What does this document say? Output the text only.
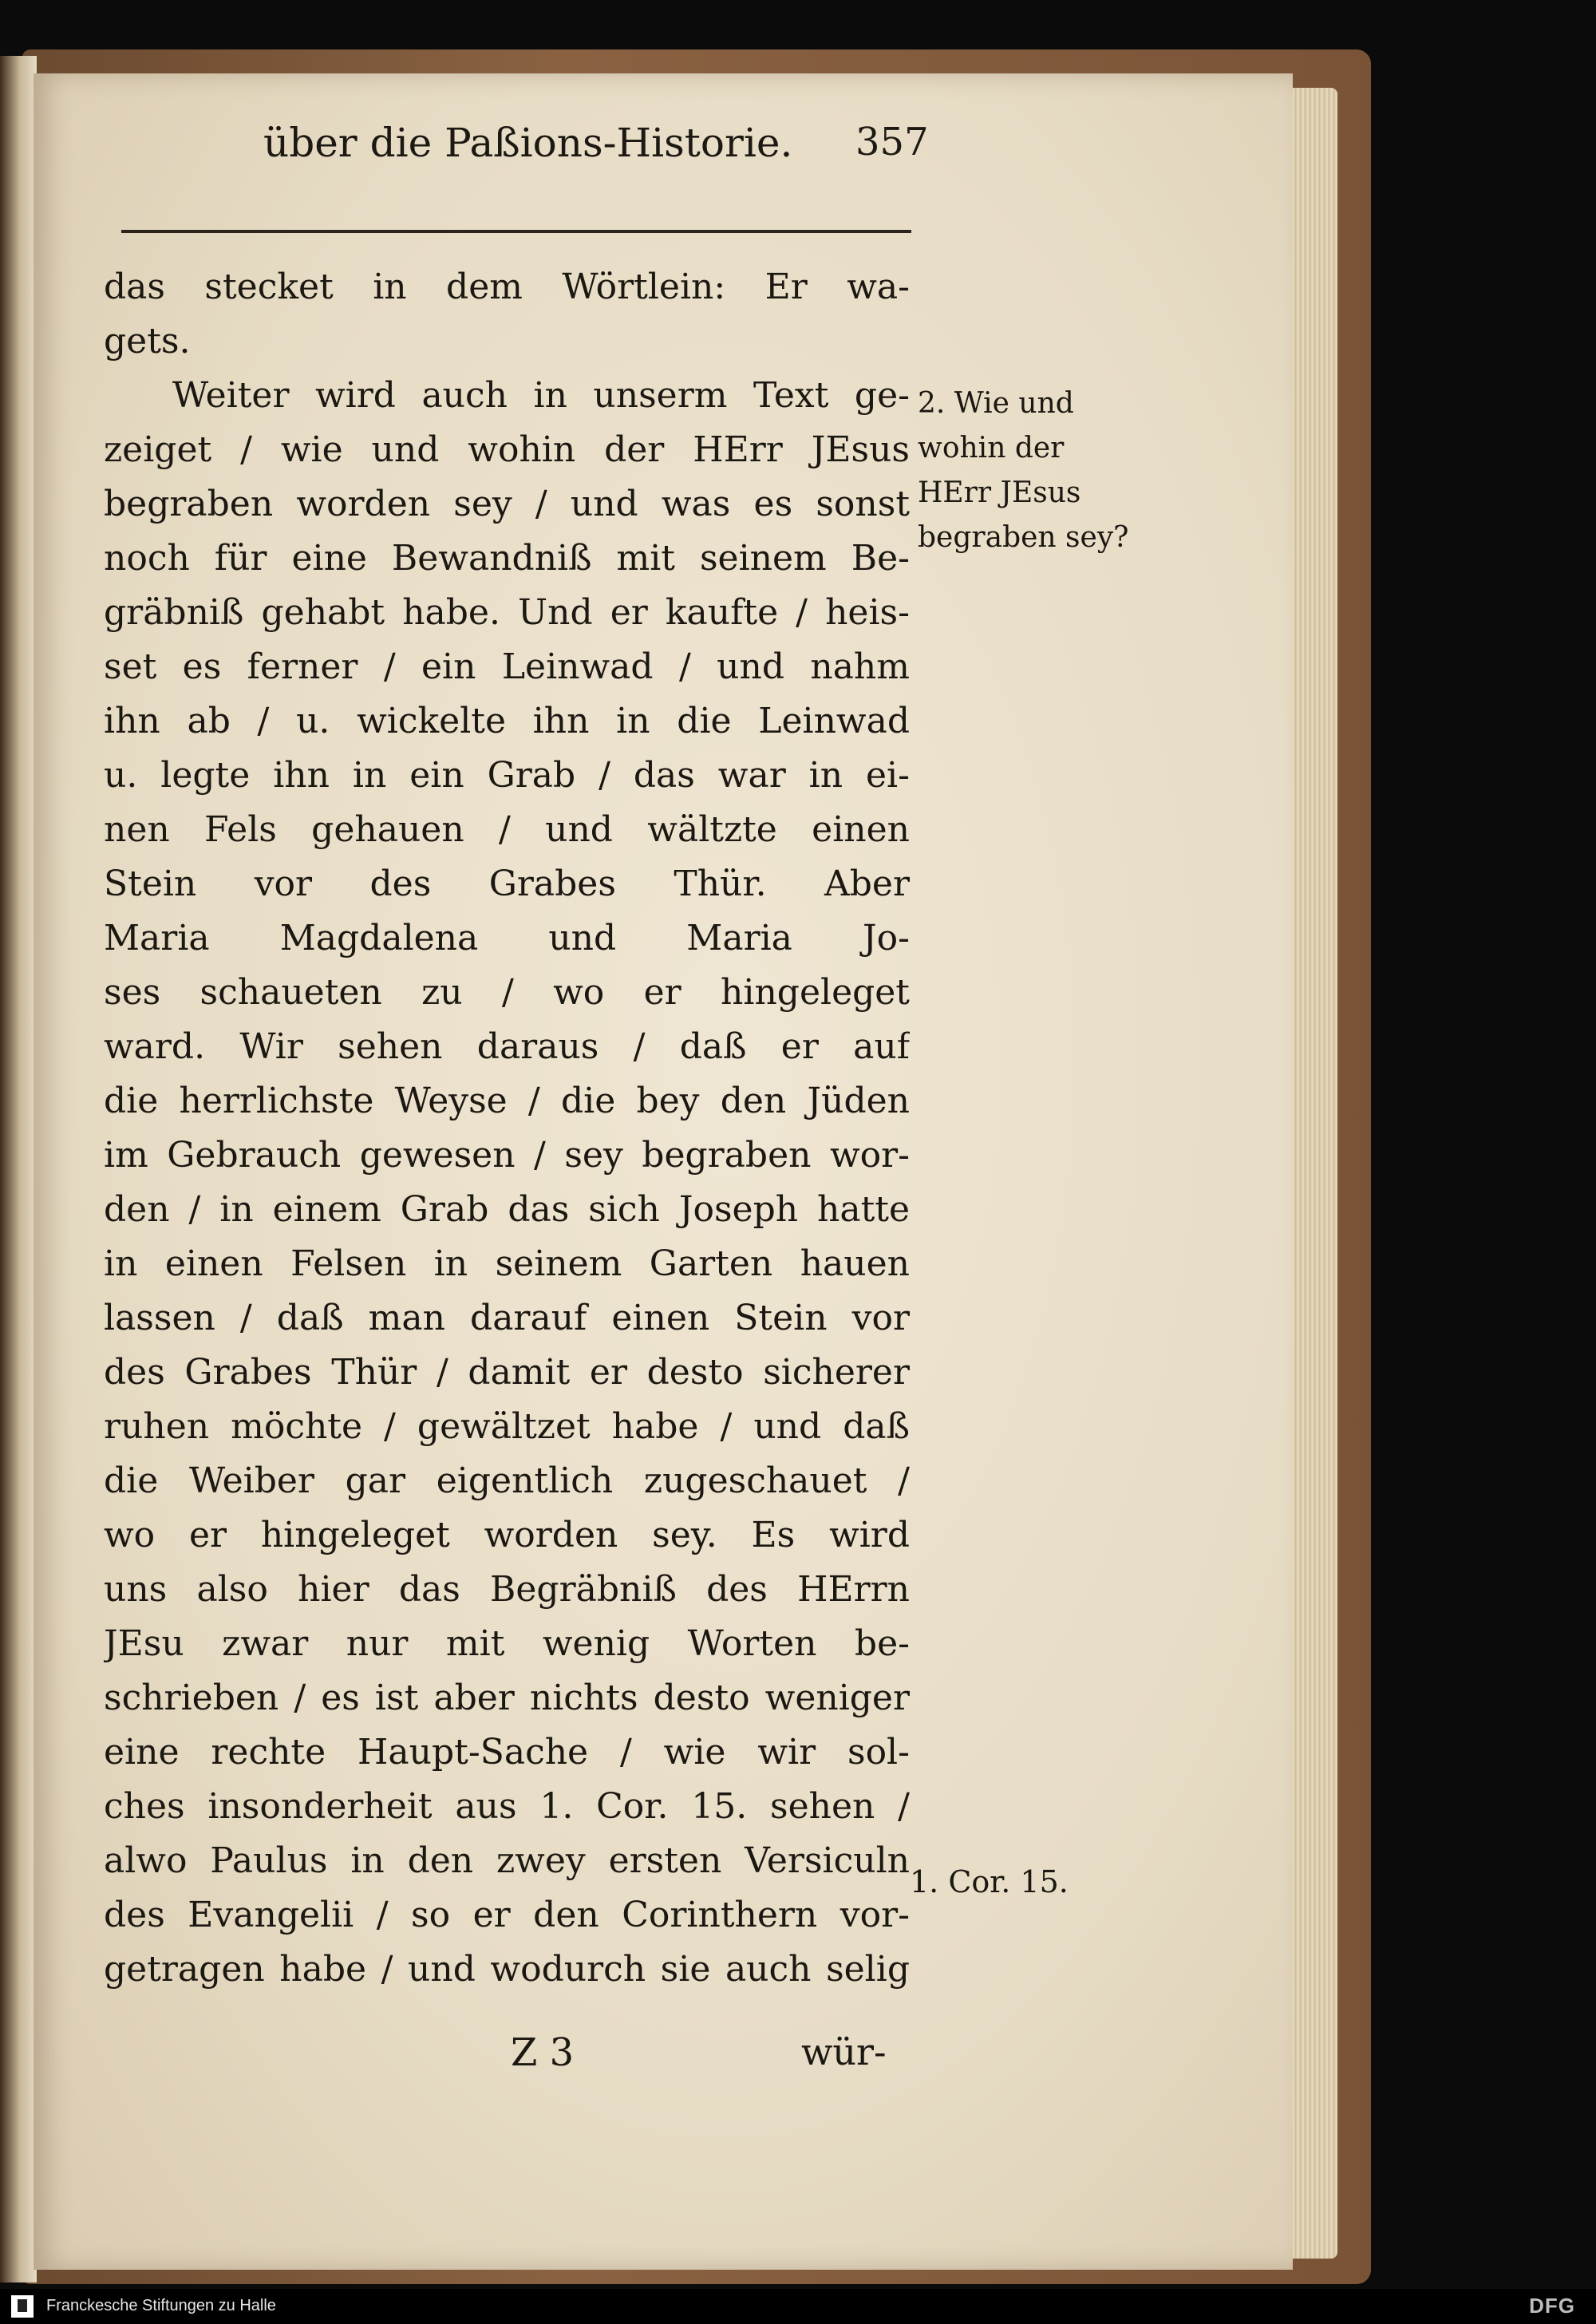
über die Paßions-Historie. 357
das stecket in dem Wörtlein: Er wa-
gets.
Weiter wird auch in unserm Text ge-
zeiget / wie und wohin der HErr JEsus
begraben worden sey / und was es sonst
noch für eine Bewandniß mit seinem Be-
gräbniß gehabt habe. Und er kaufte / heis-
set es ferner / ein Leinwad / und nahm
ihn ab / u. wickelte ihn in die Leinwad
u. legte ihn in ein Grab / das war in ei-
nen Fels gehauen / und wältzte einen
Stein vor des Grabes Thür. Aber
Maria Magdalena und Maria Jo-
ses schaueten zu / wo er hingeleget
ward. Wir sehen daraus / daß er auf
die herrlichste Weyse / die bey den Jüden
im Gebrauch gewesen / sey begraben wor-
den / in einem Grab das sich Joseph hatte
in einen Felsen in seinem Garten hauen
lassen / daß man darauf einen Stein vor
des Grabes Thür / damit er desto sicherer
ruhen möchte / gewältzet habe / und daß
die Weiber gar eigentlich zugeschauet /
wo er hingeleget worden sey. Es wird
uns also hier das Begräbniß des HErrn
JEsu zwar nur mit wenig Worten be-
schrieben / es ist aber nichts desto weniger
eine rechte Haupt-Sache / wie wir sol-
ches insonderheit aus 1. Cor. 15. sehen /
alwo Paulus in den zwey ersten Versiculn
des Evangelii / so er den Corinthern vor-
getragen habe / und wodurch sie auch selig
2. Wie und
wohin der
HErr JEsus
begraben sey?
1. Cor. 15.
Z 3	wür-
Franckesche Stiftungen zu Halle	DFG
